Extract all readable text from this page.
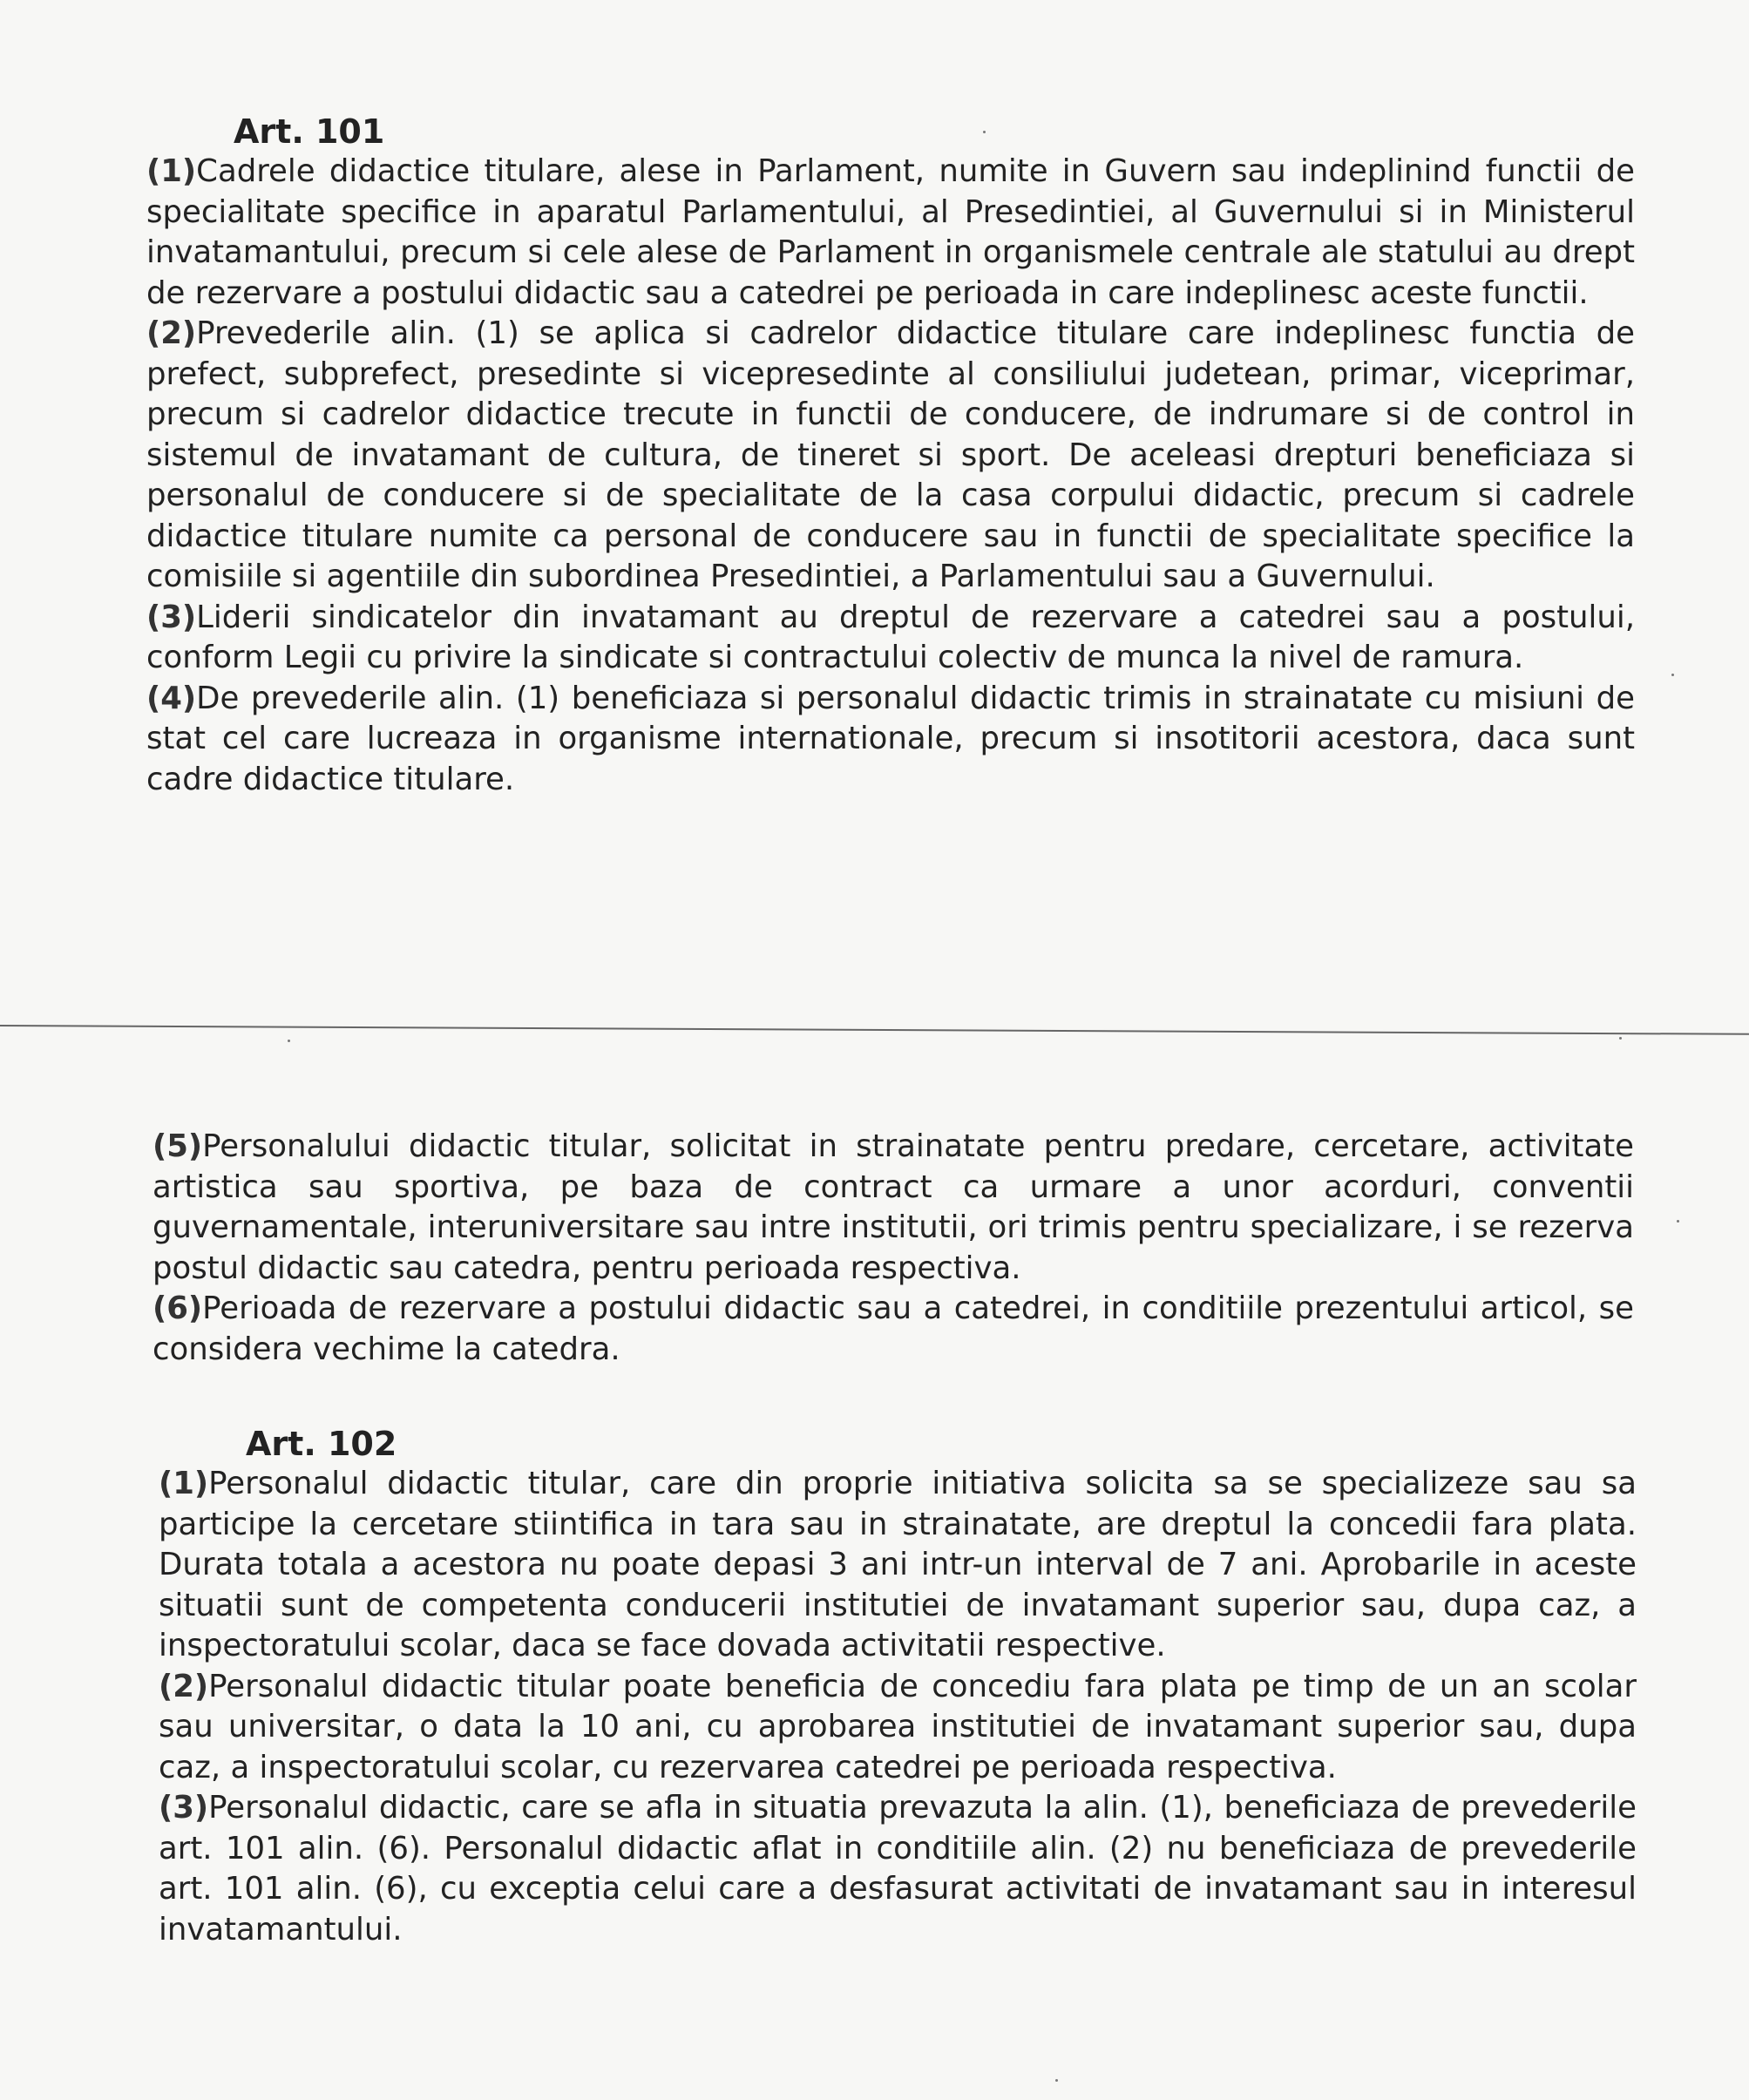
Art. 101

(1)Cadrele didactice titulare, alese in Parlament, numite in Guvern sau indeplinind functii de specialitate specifice in aparatul Parlamentului, al Presedintiei, al Guvernului si in Ministerul invatamantului, precum si cele alese de Parlament in organismele centrale ale statului au drept de rezervare a postului didactic sau a catedrei pe perioada in care indeplinesc aceste functii.

(2)Prevederile alin. (1) se aplica si cadrelor didactice titulare care indeplinesc functia de prefect, subprefect, presedinte si vicepresedinte al consiliului judetean, primar, viceprimar, precum si cadrelor didactice trecute in functii de conducere, de indrumare si de control in sistemul de invatamant de cultura, de tineret si sport. De aceleasi drepturi beneficiaza si personalul de conducere si de specialitate de la casa corpului didactic, precum si cadrele didactice titulare numite ca personal de conducere sau in functii de specialitate specifice la comisiile si agentiile din subordinea Presedintiei, a Parlamentului sau a Guvernului.

(3)Liderii sindicatelor din invatamant au dreptul de rezervare a catedrei sau a postului, conform Legii cu privire la sindicate si contractului colectiv de munca la nivel de ramura.

(4)De prevederile alin. (1) beneficiaza si personalul didactic trimis in strainatate cu misiuni de stat cel care lucreaza in organisme internationale, precum si insotitorii acestora, daca sunt cadre didactice titulare.

(5)Personalului didactic titular, solicitat in strainatate pentru predare, cercetare, activitate artistica sau sportiva, pe baza de contract ca urmare a unor acorduri, conventii guvernamentale, interuniversitare sau intre institutii, ori trimis pentru specializare, i se rezerva postul didactic sau catedra, pentru perioada respectiva.

(6)Perioada de rezervare a postului didactic sau a catedrei, in conditiile prezentului articol, se considera vechime la catedra.

Art. 102

(1)Personalul didactic titular, care din proprie initiativa solicita sa se specializeze sau sa participe la cercetare stiintifica in tara sau in strainatate, are dreptul la concedii fara plata. Durata totala a acestora nu poate depasi 3 ani intr-un interval de 7 ani. Aprobarile in aceste situatii sunt de competenta conducerii institutiei de invatamant superior sau, dupa caz, a inspectoratului scolar, daca se face dovada activitatii respective.

(2)Personalul didactic titular poate beneficia de concediu fara plata pe timp de un an scolar sau universitar, o data la 10 ani, cu aprobarea institutiei de invatamant superior sau, dupa caz, a inspectoratului scolar, cu rezervarea catedrei pe perioada respectiva.

(3)Personalul didactic, care se afla in situatia prevazuta la alin. (1), beneficiaza de prevederile art. 101 alin. (6). Personalul didactic aflat in conditiile alin. (2) nu beneficiaza de prevederile art. 101 alin. (6), cu exceptia celui care a desfasurat activitati de invatamant sau in interesul invatamantului.
